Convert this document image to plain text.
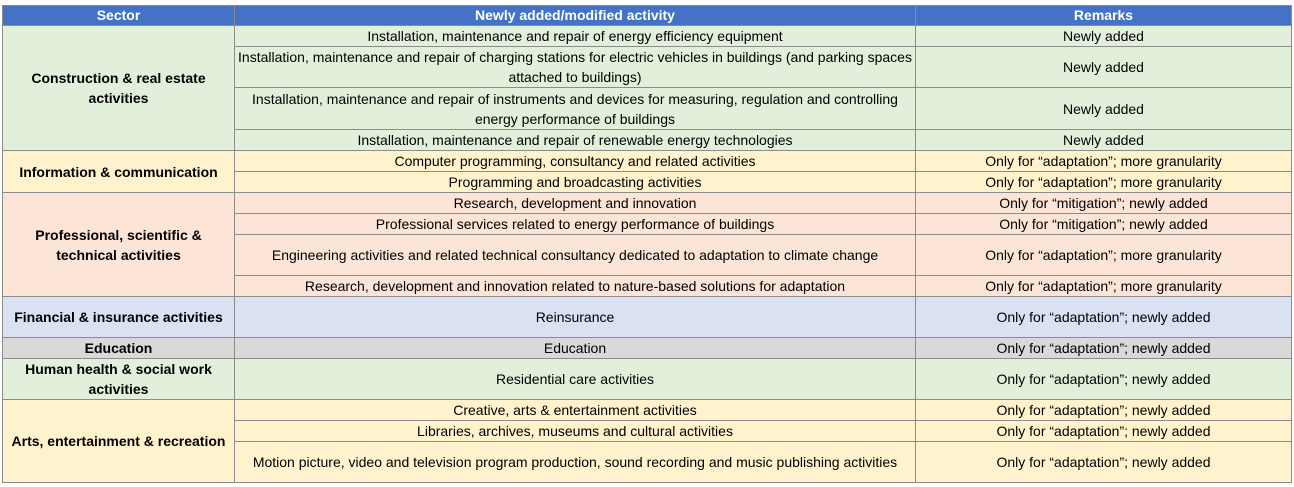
Sector	Newly added/modified activity	Remarks
Construction & real estate activities	Installation, maintenance and repair of energy efficiency equipment	Newly added
	Installation, maintenance and repair of charging stations for electric vehicles in buildings (and parking spaces attached to buildings)	Newly added
	Installation, maintenance and repair of instruments and devices for measuring, regulation and controlling energy performance of buildings	Newly added
	Installation, maintenance and repair of renewable energy technologies	Newly added
Information & communication	Computer programming, consultancy and related activities	Only for “adaptation”; more granularity
	Programming and broadcasting activities	Only for “adaptation”; more granularity
Professional, scientific & technical activities	Research, development and innovation	Only for “mitigation”; newly added
	Professional services related to energy performance of buildings	Only for “mitigation”; newly added
	Engineering activities and related technical consultancy dedicated to adaptation to climate change	Only for “adaptation”; more granularity
	Research, development and innovation related to nature-based solutions for adaptation	Only for “adaptation”; more granularity
Financial & insurance activities	Reinsurance	Only for “adaptation”; newly added
Education	Education	Only for “adaptation”; newly added
Human health & social work activities	Residential care activities	Only for “adaptation”; newly added
Arts, entertainment & recreation	Creative, arts & entertainment activities	Only for “adaptation”; newly added
	Libraries, archives, museums and cultural activities	Only for “adaptation”; newly added
	Motion picture, video and television program production, sound recording and music publishing activities	Only for “adaptation”; newly added
